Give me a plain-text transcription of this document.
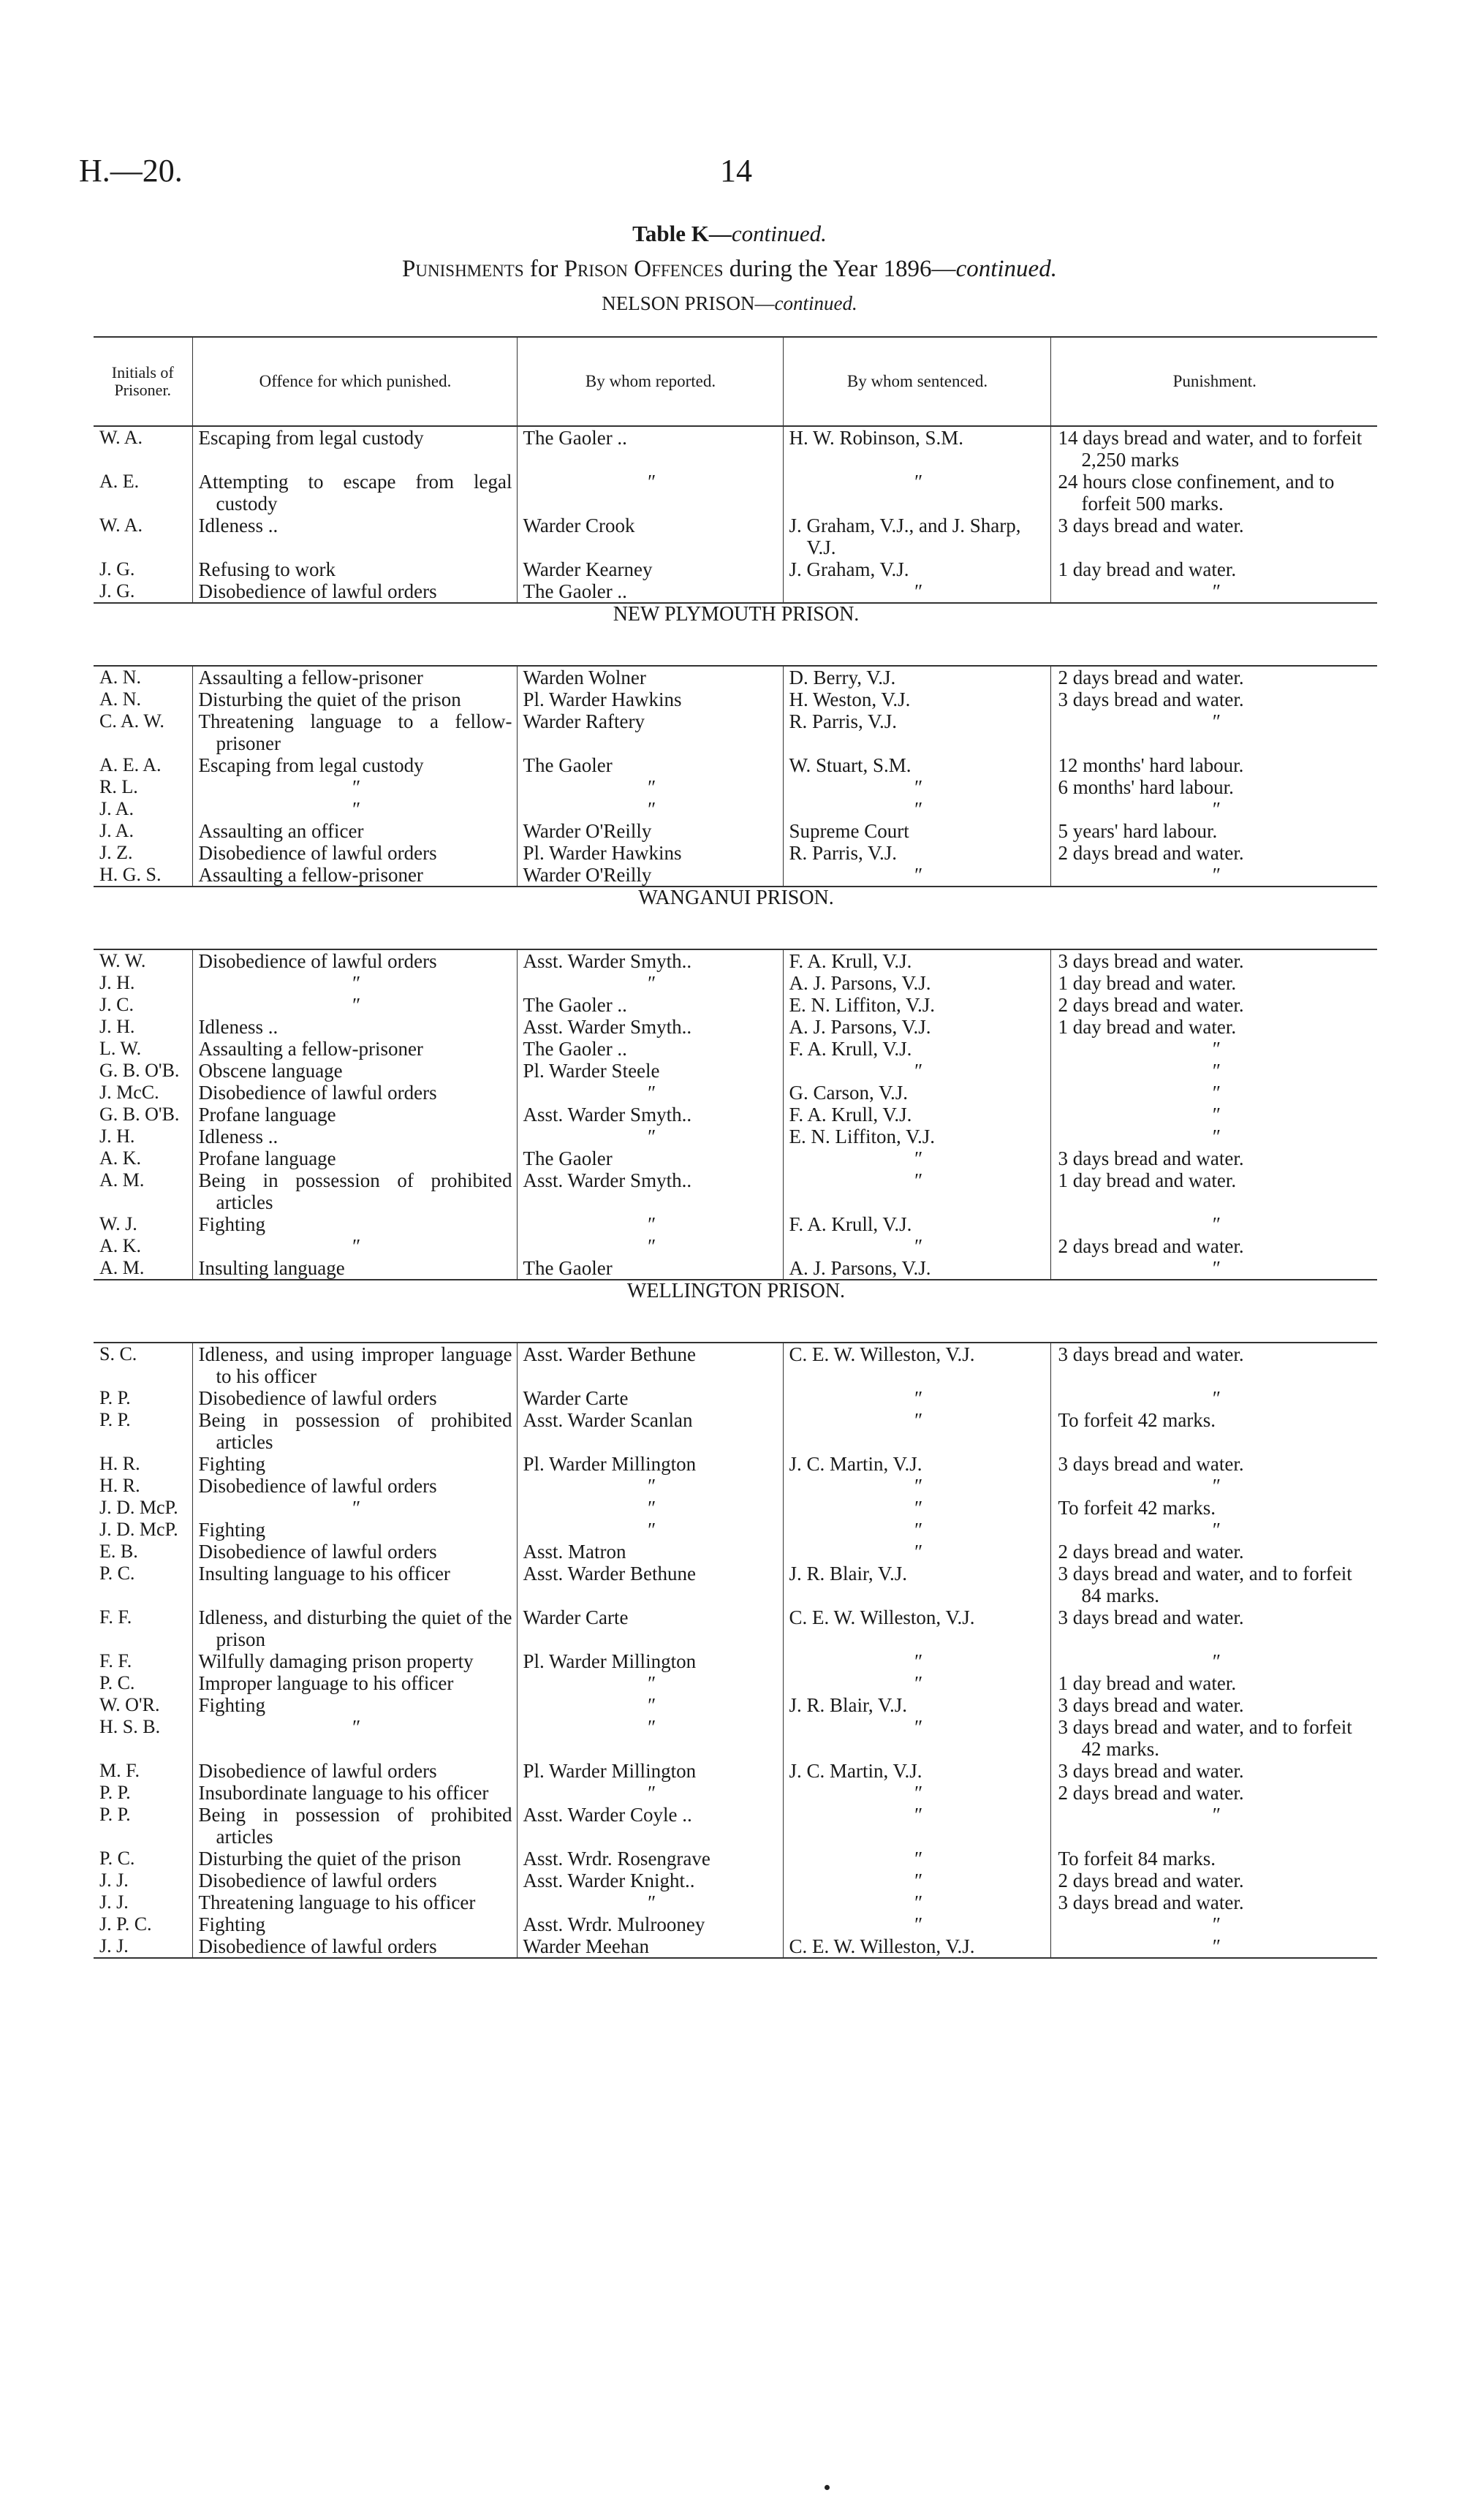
H.—20.	14
Table K—continued.
Punishments for Prison Offences during the Year 1896—continued.
NELSON PRISON—continued.
Initials of Prisoner.	Offence for which punished.	By whom reported.	By whom sentenced.	Punishment.

W. A.	Escaping from legal custody	The Gaoler ..	H. W. Robinson, S.M.	14 days bread and water, and to forfeit 2,250 marks

A. E.	Attempting to escape from legal custody	″	″	24 hours close confinement, and to forfeit 500 marks.

W. A.	Idleness ..	Warder Crook	J. Graham, V.J., and J. Sharp, V.J.	3 days bread and water.

J. G.	Refusing to work	Warder Kearney	J. Graham, V.J.	1 day bread and water.

J. G.	Disobedience of lawful orders	The Gaoler ..	″	″
NEW PLYMOUTH PRISON.				

A. N.	Assaulting a fellow-prisoner	Warden Wolner	D. Berry, V.J.	2 days bread and water.

A. N.	Disturbing the quiet of the prison	Pl. Warder Hawkins	H. Weston, V.J.	3 days bread and water.

C. A. W.	Threatening language to a fellow-prisoner	Warder Raftery	R. Parris, V.J.	″

A. E. A.	Escaping from legal custody	The Gaoler	W. Stuart, S.M.	12 months' hard labour.

R. L.	″	″	″	6 months' hard labour.

J. A.	″	″	″	″

J. A.	Assaulting an officer	Warder O'Reilly	Supreme Court	5 years' hard labour.

J. Z.	Disobedience of lawful orders	Pl. Warder Hawkins	R. Parris, V.J.	2 days bread and water.

H. G. S.	Assaulting a fellow-prisoner	Warder O'Reilly	″	″
WANGANUI PRISON.				

W. W.	Disobedience of lawful orders	Asst. Warder Smyth..	F. A. Krull, V.J.	3 days bread and water.

J. H.	″	″	A. J. Parsons, V.J.	1 day bread and water.

J. C.	″	The Gaoler ..	E. N. Liffiton, V.J.	2 days bread and water.

J. H.	Idleness ..	Asst. Warder Smyth..	A. J. Parsons, V.J.	1 day bread and water.

L. W.	Assaulting a fellow-prisoner	The Gaoler ..	F. A. Krull, V.J.	″

G. B. O'B.	Obscene language	Pl. Warder Steele	″	″

J. McC.	Disobedience of lawful orders	″	G. Carson, V.J.	″

G. B. O'B.	Profane language	Asst. Warder Smyth..	F. A. Krull, V.J.	″

J. H.	Idleness ..	″	E. N. Liffiton, V.J.	″

A. K.	Profane language	The Gaoler	″	3 days bread and water.

A. M.	Being in possession of prohibited articles	Asst. Warder Smyth..	″	1 day bread and water.

W. J.	Fighting	″	F. A. Krull, V.J.	″

A. K.	″	″	″	2 days bread and water.

A. M.	Insulting language	The Gaoler	A. J. Parsons, V.J.	″
WELLINGTON PRISON.				

S. C.	Idleness, and using improper language to his officer	Asst. Warder Bethune	C. E. W. Willeston, V.J.	3 days bread and water.

P. P.	Disobedience of lawful orders	Warder Carte	″	″

P. P.	Being in possession of prohibited articles	Asst. Warder Scanlan	″	To forfeit 42 marks.

H. R.	Fighting	Pl. Warder Millington	J. C. Martin, V.J.	3 days bread and water.

H. R.	Disobedience of lawful orders	″	″	″

J. D. McP.	″	″	″	To forfeit 42 marks.

J. D. McP.	Fighting	″	″	″

E. B.	Disobedience of lawful orders	Asst. Matron	″	2 days bread and water.

P. C.	Insulting language to his officer	Asst. Warder Bethune	J. R. Blair, V.J.	3 days bread and water, and to forfeit 84 marks.

F. F.	Idleness, and disturbing the quiet of the prison	Warder Carte	C. E. W. Willeston, V.J.	3 days bread and water.

F. F.	Wilfully damaging prison property	Pl. Warder Millington	″	″

P. C.	Improper language to his officer	″	″	1 day bread and water.

W. O'R.	Fighting	″	J. R. Blair, V.J.	3 days bread and water.

H. S. B.	″	″	″	3 days bread and water, and to forfeit 42 marks.

M. F.	Disobedience of lawful orders	Pl. Warder Millington	J. C. Martin, V.J.	3 days bread and water.

P. P.	Insubordinate language to his officer	″	″	2 days bread and water.

P. P.	Being in possession of prohibited articles	Asst. Warder Coyle ..	″	″

P. C.	Disturbing the quiet of the prison	Asst. Wrdr. Rosengrave	″	To forfeit 84 marks.

J. J.	Disobedience of lawful orders	Asst. Warder Knight..	″	2 days bread and water.

J. J.	Threatening language to his officer	″	″	3 days bread and water.

J. P. C.	Fighting	Asst. Wrdr. Mulrooney	″	″

J. J.	Disobedience of lawful orders	Warder Meehan	C. E. W. Willeston, V.J.	″
